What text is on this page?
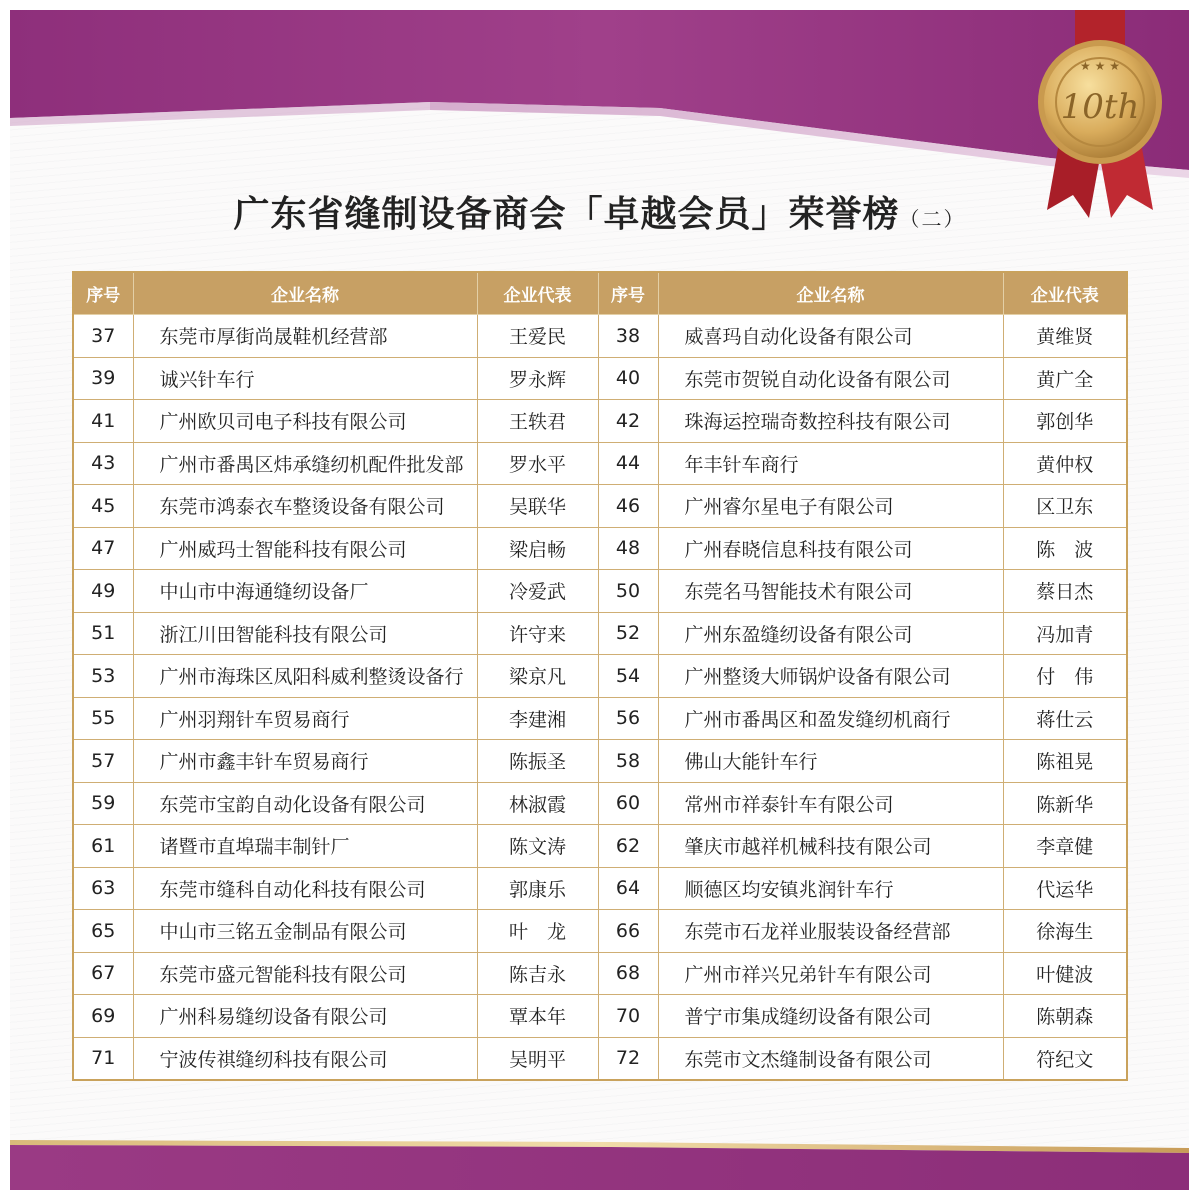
★ ★ ★
10th
广东省缝制设备商会「卓越会员」荣誉榜（二）
序号	企业名称	企业代表	序号	企业名称	企业代表
37	东莞市厚街尚晟鞋机经营部	王爱民	38	威喜玛自动化设备有限公司	黄维贤
39	诚兴针车行	罗永辉	40	东莞市贺锐自动化设备有限公司	黄广全
41	广州欧贝司电子科技有限公司	王轶君	42	珠海运控瑞奇数控科技有限公司	郭创华
43	广州市番禺区炜承缝纫机配件批发部	罗水平	44	年丰针车商行	黄仲权
45	东莞市鸿泰衣车整烫设备有限公司	吴联华	46	广州睿尔星电子有限公司	区卫东
47	广州威玛士智能科技有限公司	梁启畅	48	广州春晓信息科技有限公司	陈　波
49	中山市中海通缝纫设备厂	冷爱武	50	东莞名马智能技术有限公司	蔡日杰
51	浙江川田智能科技有限公司	许守来	52	广州东盈缝纫设备有限公司	冯加青
53	广州市海珠区凤阳科威利整烫设备行	梁京凡	54	广州整烫大师锅炉设备有限公司	付　伟
55	广州羽翔针车贸易商行	李建湘	56	广州市番禺区和盈发缝纫机商行	蒋仕云
57	广州市鑫丰针车贸易商行	陈振圣	58	佛山大能针车行	陈祖晃
59	东莞市宝韵自动化设备有限公司	林淑霞	60	常州市祥泰针车有限公司	陈新华
61	诸暨市直埠瑞丰制针厂	陈文涛	62	肇庆市越祥机械科技有限公司	李章健
63	东莞市缝科自动化科技有限公司	郭康乐	64	顺德区均安镇兆润针车行	代运华
65	中山市三铭五金制品有限公司	叶　龙	66	东莞市石龙祥业服装设备经营部	徐海生
67	东莞市盛元智能科技有限公司	陈吉永	68	广州市祥兴兄弟针车有限公司	叶健波
69	广州科易缝纫设备有限公司	覃本年	70	普宁市集成缝纫设备有限公司	陈朝森
71	宁波传祺缝纫科技有限公司	吴明平	72	东莞市文杰缝制设备有限公司	符纪文
